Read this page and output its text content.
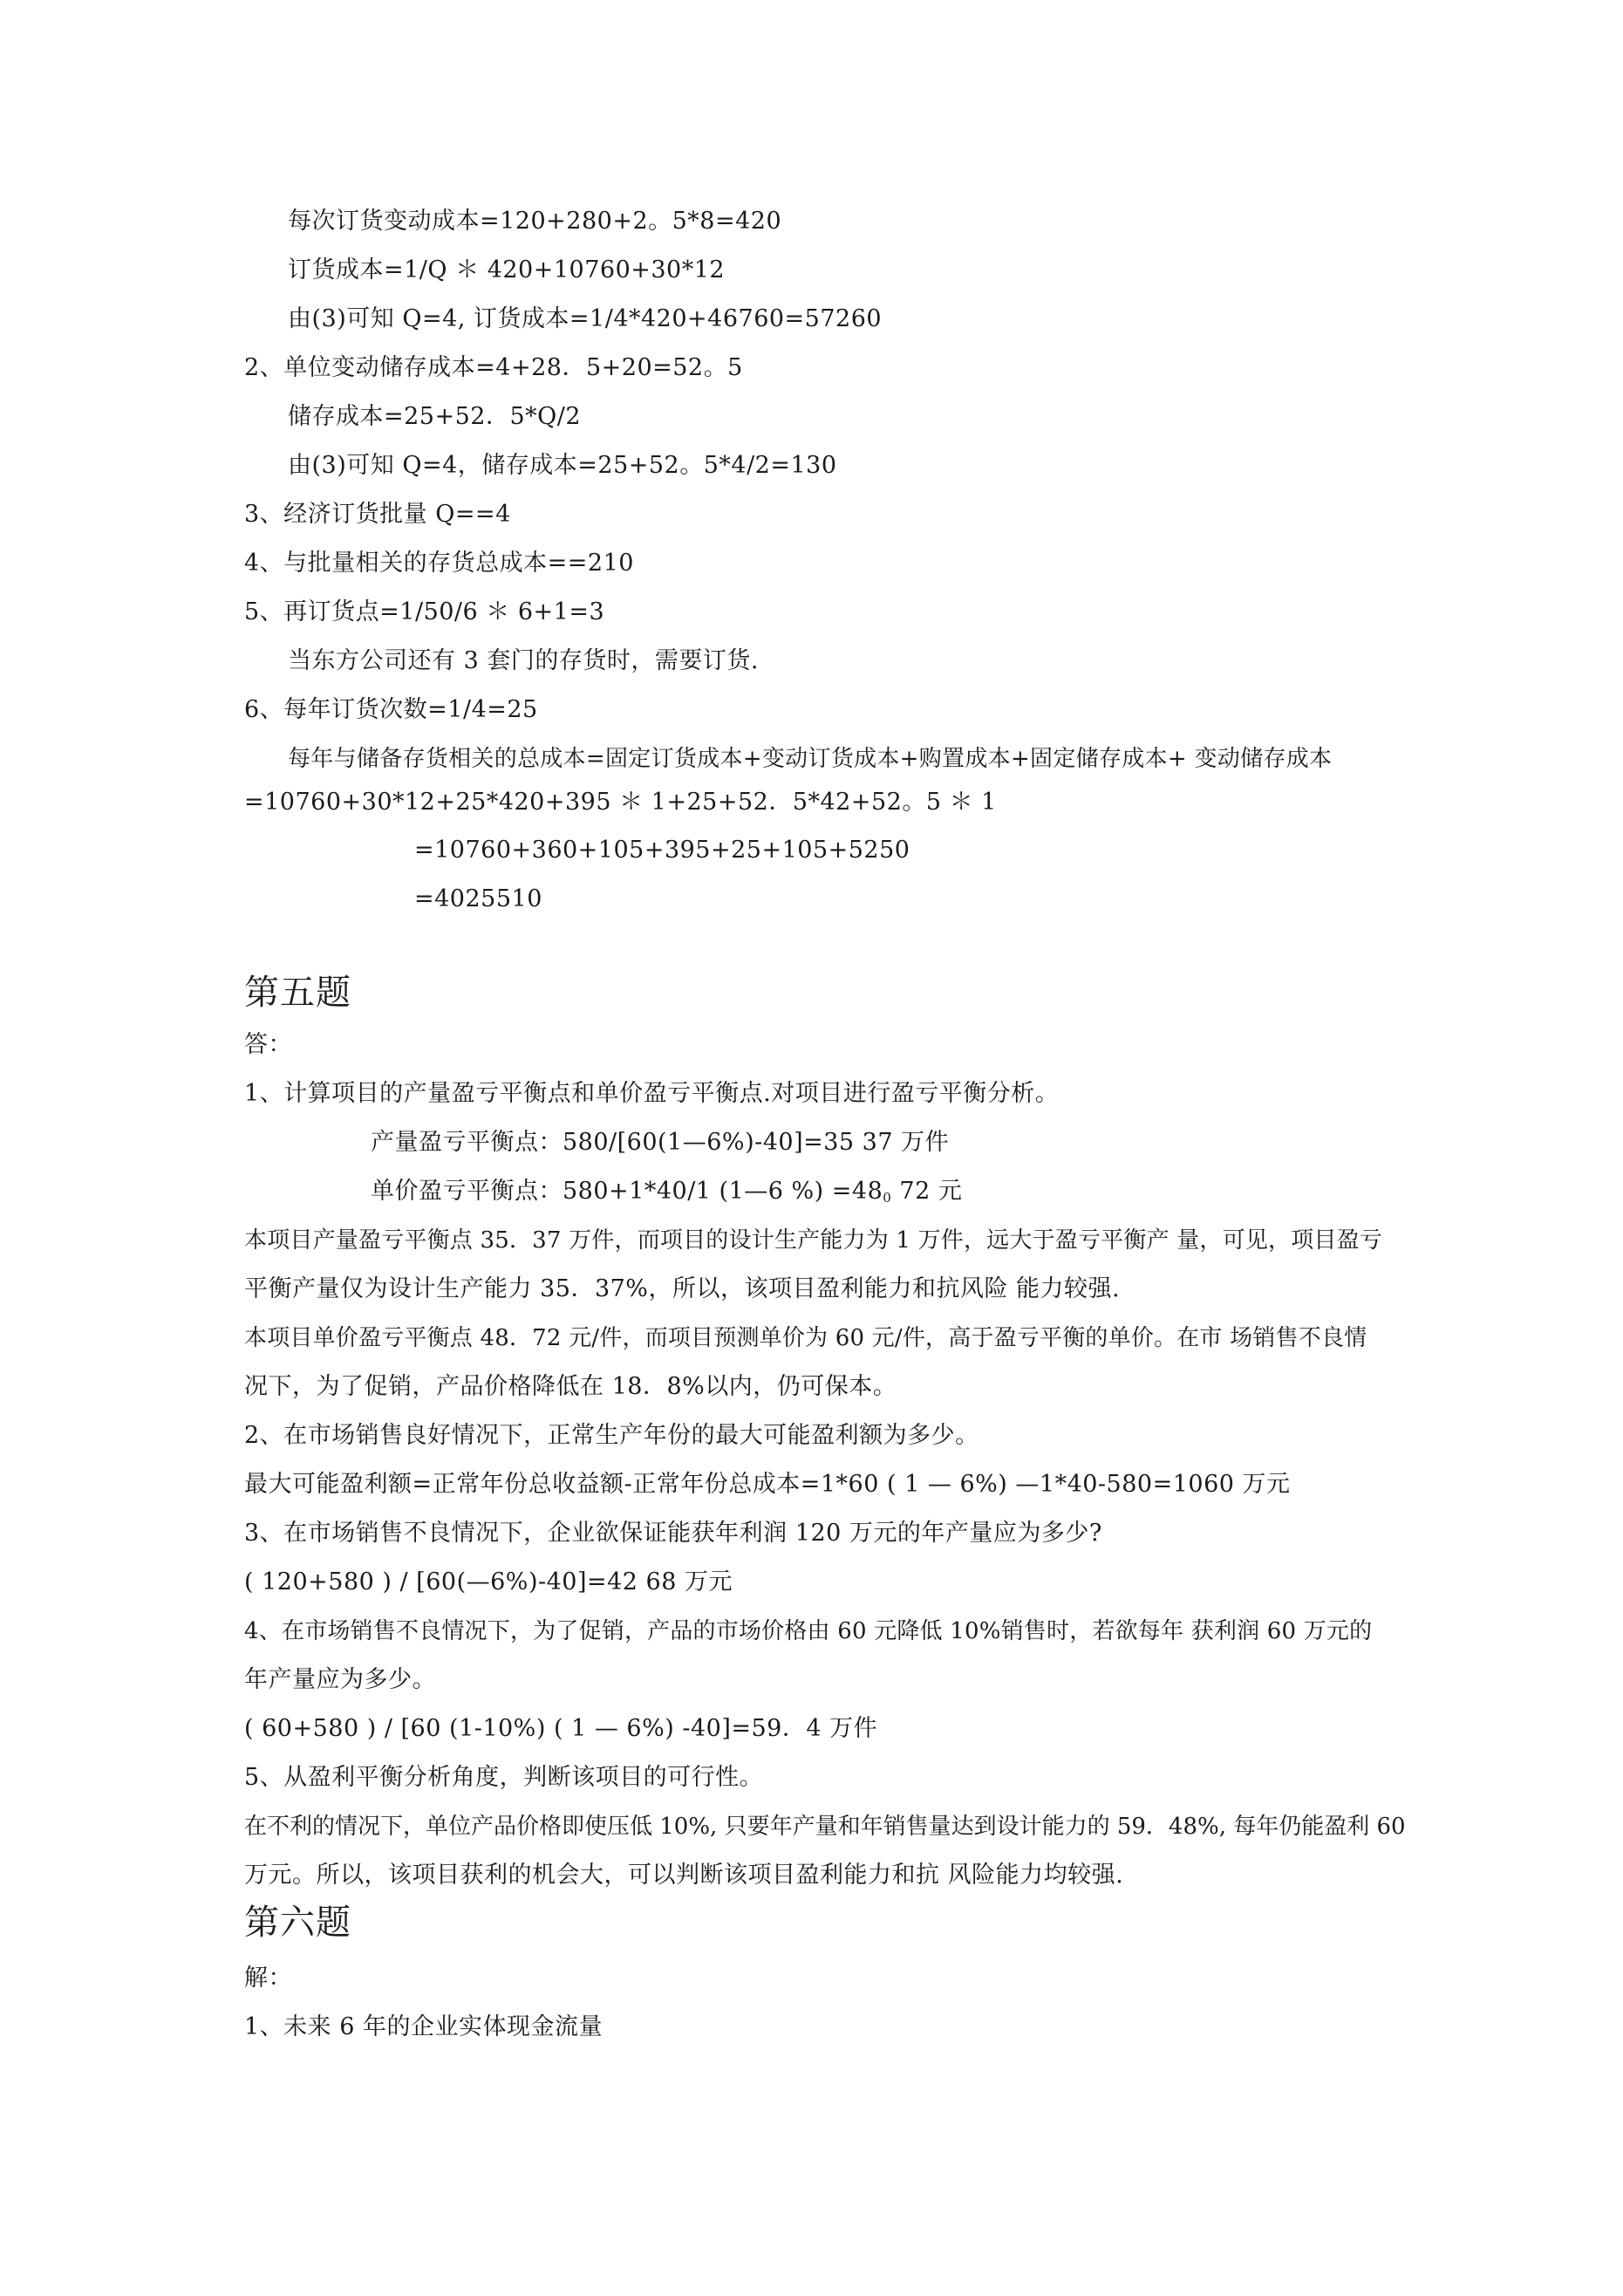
每次订货变动成本=120+280+2。5*8=420

订货成本=1/Q ＊ 420+10760+30*12

由(3)可知 Q=4, 订货成本=1/4*420+46760=57260

2、单位变动储存成本=4+28．5+20=52。5

储存成本=25+52．5*Q/2

由(3)可知 Q=4，储存成本=25+52。5*4/2=130

3、经济订货批量 Q==4

4、与批量相关的存货总成本==210

5、再订货点=1/50/6 ＊ 6+1=3

当东方公司还有 3 套门的存货时，需要订货.

6、每年订货次数=1/4=25

每年与储备存货相关的总成本=固定订货成本+变动订货成本+购置成本+固定储存成本+ 变动储存成本

=10760+30*12+25*420+395 ＊ 1+25+52．5*42+52。5 ＊ 1

=10760+360+105+395+25+105+5250

=4025510

第五题

答：

1、计算项目的产量盈亏平衡点和单价盈亏平衡点.对项目进行盈亏平衡分析。

产量盈亏平衡点：580/[60(1—6%)-40]=35 37 万件

单价盈亏平衡点：580+1*40/1 (1—6 %) $=48_0$ 72 元

本项目产量盈亏平衡点 35．37 万件，而项目的设计生产能力为 1 万件，远大于盈亏平衡产 量，可见，项目盈亏

平衡产量仅为设计生产能力 35．37%，所以，该项目盈利能力和抗风险 能力较强.

本项目单价盈亏平衡点 48．72 元/件，而项目预测单价为 60 元/件，高于盈亏平衡的单价。在市 场销售不良情

况下，为了促销，产品价格降低在 18．8%以内，仍可保本。

2、在市场销售良好情况下，正常生产年份的最大可能盈利额为多少。

最大可能盈利额=正常年份总收益额-正常年份总成本=1*60 ( 1 — 6%) —1*40-580=1060 万元

3、在市场销售不良情况下，企业欲保证能获年利润 120 万元的年产量应为多少?

( 120+580 ) / [60(—6%)-40]=42 68 万元

4、在市场销售不良情况下，为了促销，产品的市场价格由 60 元降低 10%销售时，若欲每年 获利润 60 万元的

年产量应为多少。

( 60+580 ) / [60 (1-10%) ( 1 — 6%) -40]=59．4 万件

5、从盈利平衡分析角度，判断该项目的可行性。

在不利的情况下，单位产品价格即使压低 10%, 只要年产量和年销售量达到设计能力的 59．48%, 每年仍能盈利 60

万元。所以，该项目获利的机会大，可以判断该项目盈利能力和抗 风险能力均较强.

第六题

解：

1、未来 6 年的企业实体现金流量
